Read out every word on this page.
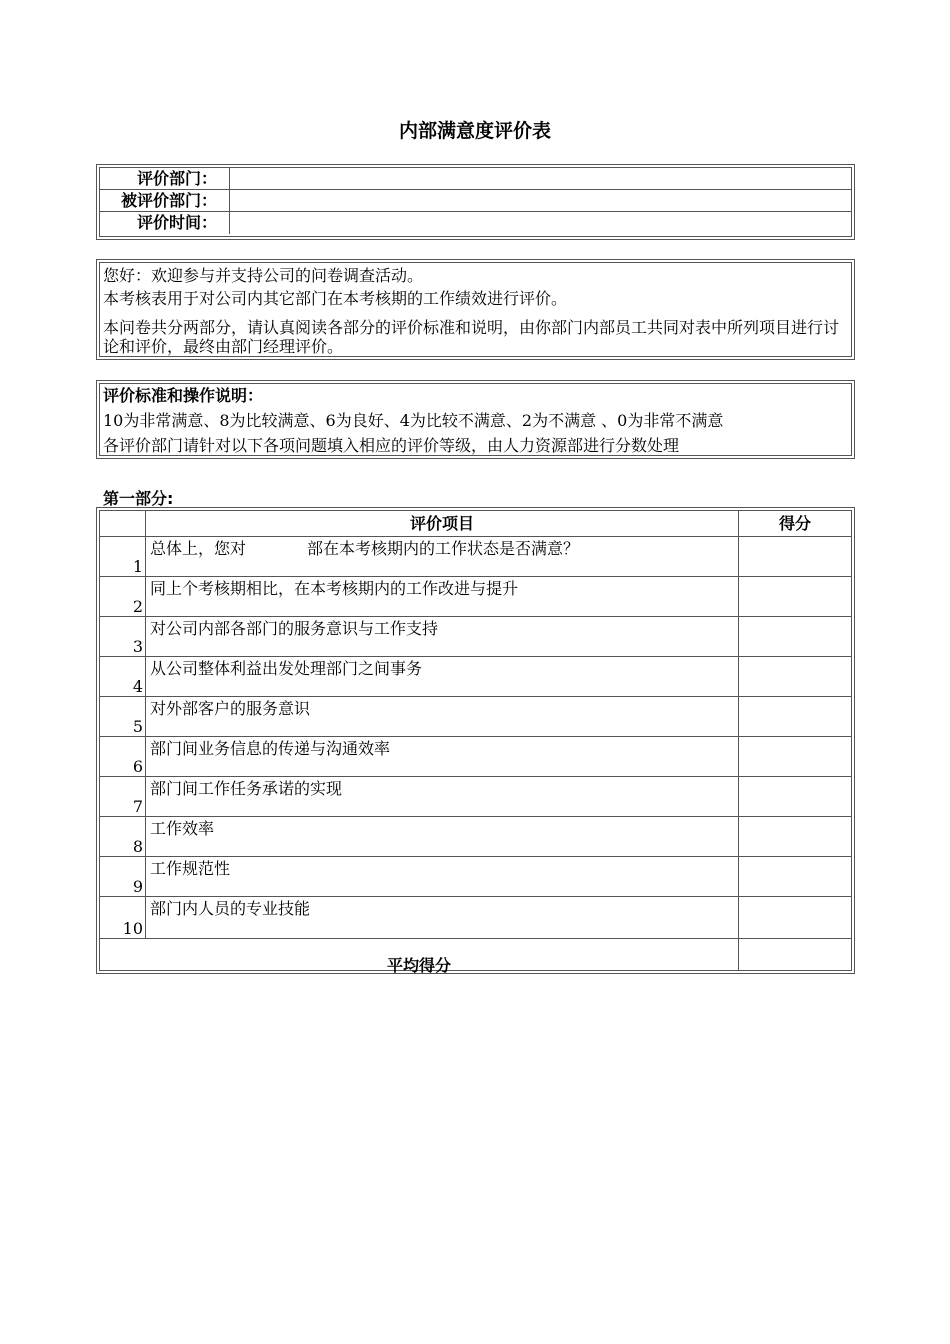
内部满意度评价表
评价部门：
被评价部门：
评价时间：
您好：欢迎参与并支持公司的问卷调查活动。
本考核表用于对公司内其它部门在本考核期的工作绩效进行评价。
本问卷共分两部分，请认真阅读各部分的评价标准和说明，由你部门内部员工共同对表中所列项目进行讨论和评价，最终由部门经理评价。
评价标准和操作说明：
10为非常满意、8为比较满意、6为良好、4为比较不满意、2为不满意 、0为非常不满意
各评价部门请针对以下各项问题填入相应的评价等级，由人力资源部进行分数处理
第一部分:
评价项目	得分
1
总体上，您对            部在本考核期内的工作状态是否满意？
2
同上个考核期相比，在本考核期内的工作改进与提升
3
对公司内部各部门的服务意识与工作支持
4
从公司整体利益出发处理部门之间事务
5
对外部客户的服务意识
6
部门间业务信息的传递与沟通效率
7
部门间工作任务承诺的实现
8
工作效率
9
工作规范性
10
部门内人员的专业技能
平均得分
